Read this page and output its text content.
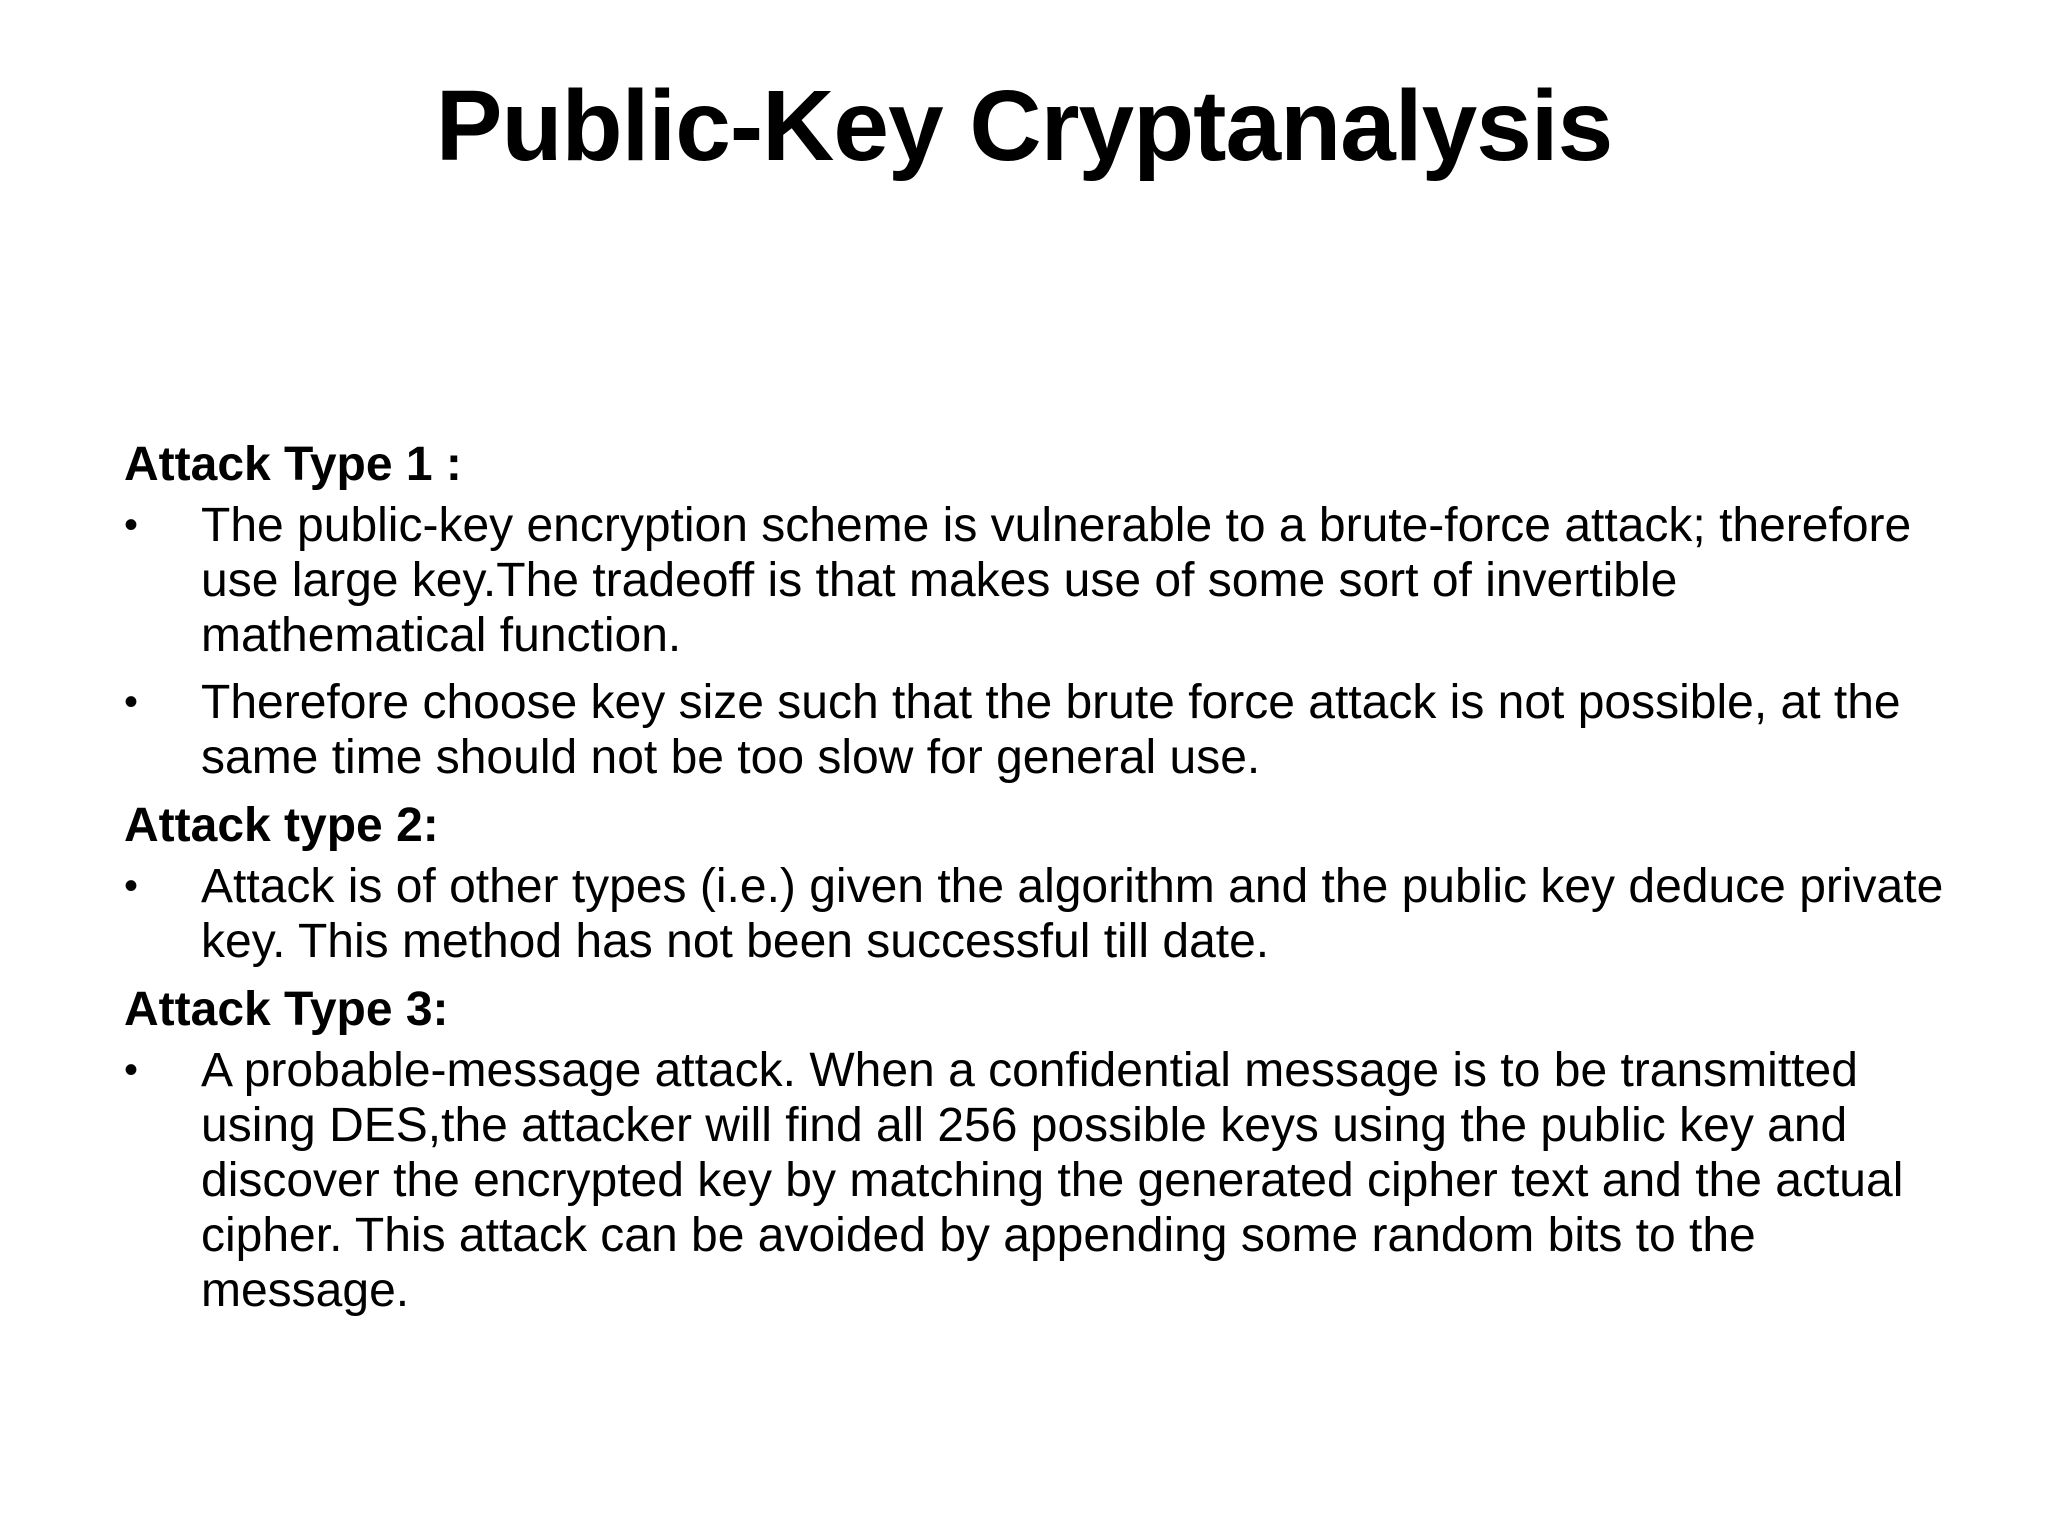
Public-Key Cryptanalysis
Attack Type 1 :
•	The public-key encryption scheme is vulnerable to a brute-force attack; therefore use large key.The tradeoff is that makes use of some sort of invertible mathematical function.
•	Therefore choose key size such that the brute force attack is not possible, at the same time should not be too slow for general use.
Attack type 2:
•	Attack is of other types (i.e.) given the algorithm and the public key deduce private key. This method has not been successful till date.
Attack Type 3:
•	A probable-message attack. When a confidential message is to be transmitted using DES,the attacker will find all 256 possible keys using the public key and discover the encrypted key by matching the generated cipher text and the actual cipher. This attack can be avoided by appending some random bits to the message.
